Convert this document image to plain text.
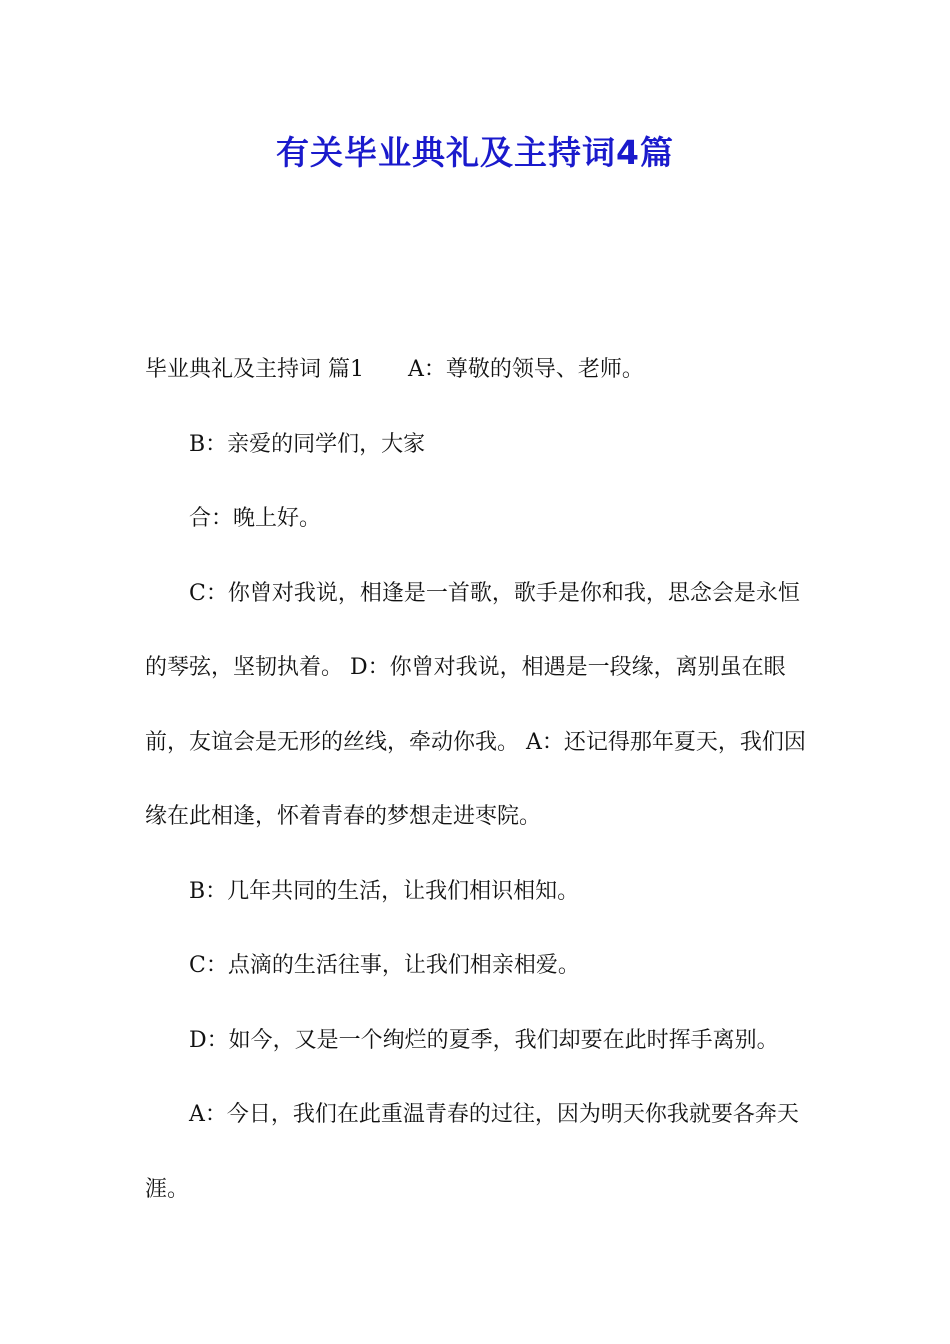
有关毕业典礼及主持词4篇

毕业典礼及主持词 篇1　　A：尊敬的领导、老师。

B：亲爱的同学们，大家

合：晚上好。

C：你曾对我说，相逢是一首歌，歌手是你和我，思念会是永恒的琴弦，坚韧执着。 D：你曾对我说，相遇是一段缘，离别虽在眼前，友谊会是无形的丝线，牵动你我。 A：还记得那年夏天，我们因缘在此相逢，怀着青春的梦想走进枣院。

B：几年共同的生活，让我们相识相知。

C：点滴的生活往事，让我们相亲相爱。

D：如今，又是一个绚烂的夏季，我们却要在此时挥手离别。

A：今日，我们在此重温青春的过往，因为明天你我就要各奔天涯。
